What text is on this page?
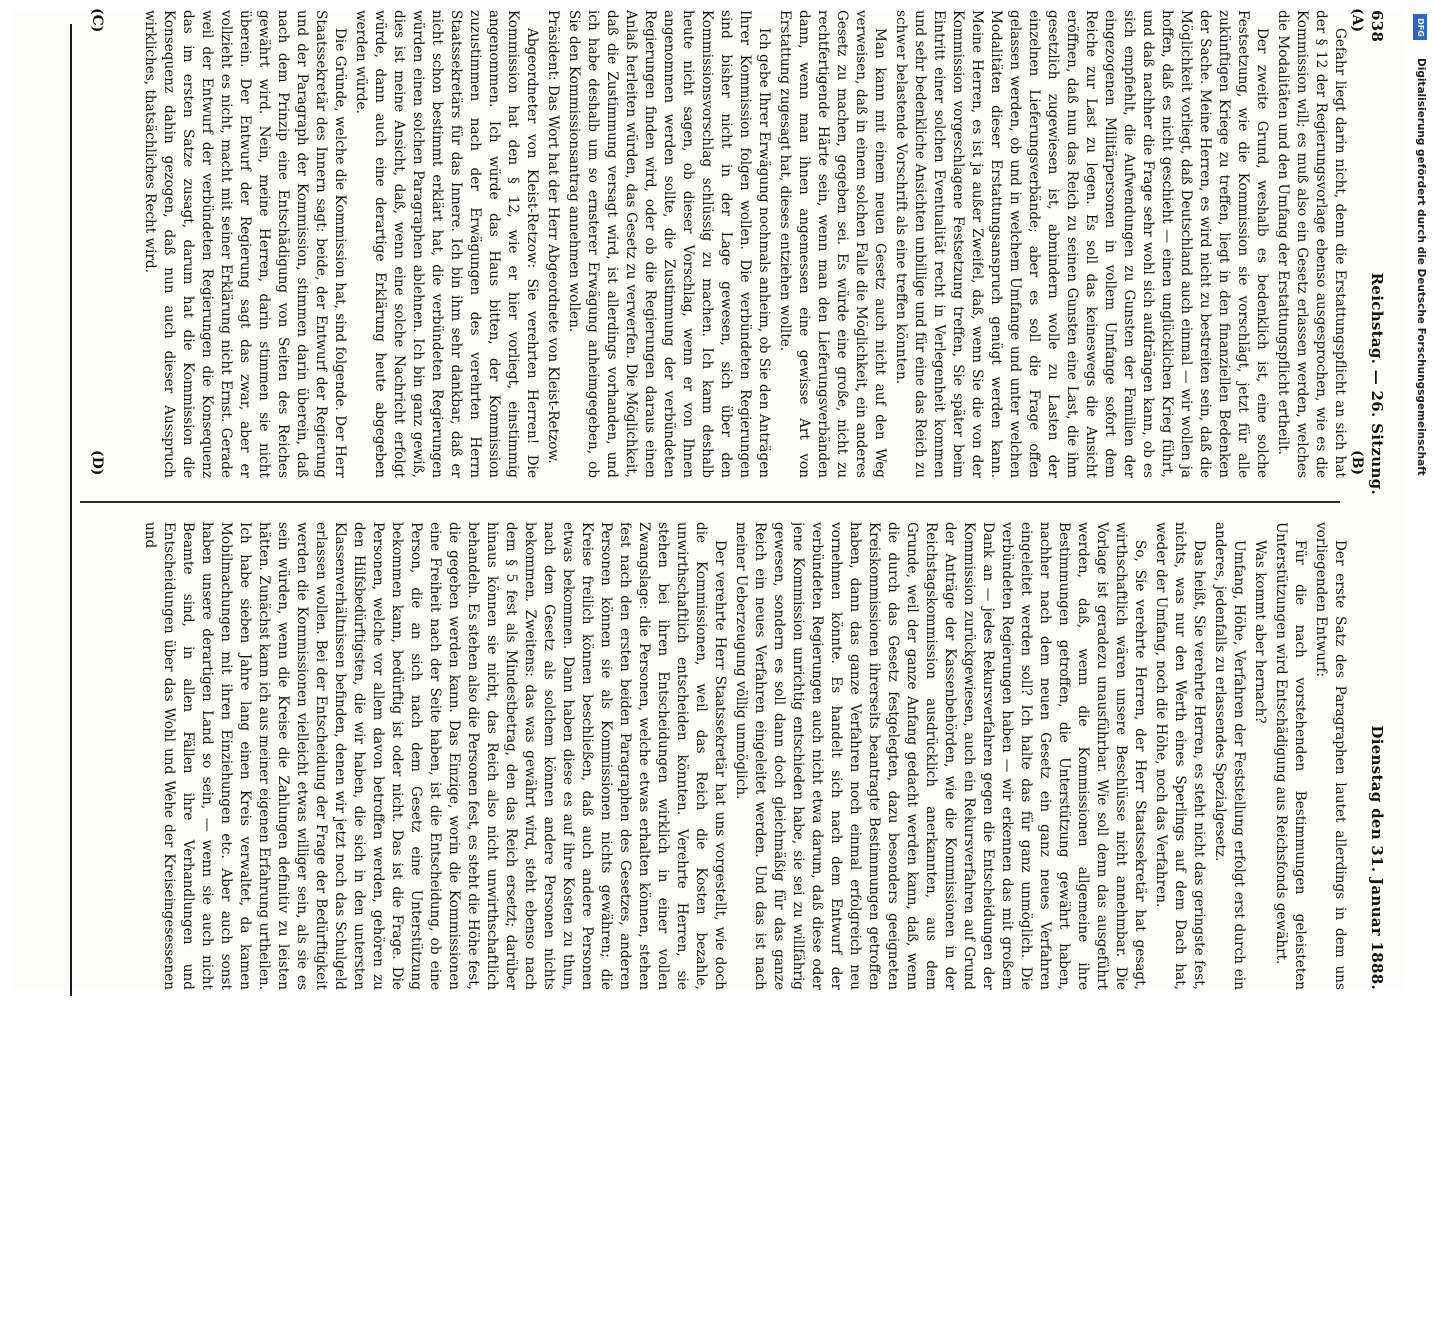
638
Reichstag. — 26. Sitzung.
Dienstag den 31. Januar 1888.

Gefahr liegt darin nicht, denn die Erstattungspflicht an sich hat der § 12 der Regierungsvorlage ebenso ausgesprochen, wie es die Kommission will; es muß also ein Gesetz erlassen werden, welches die Modalitäten und den Umfang der Erstattungspflicht ertheilt.

Der zweite Grund, weshalb es bedenklich ist, eine solche Festsetzung, wie die Kommission sie vorschlägt, jetzt für alle zukünftigen Kriege zu treffen, liegt in den finanziellen Bedenken der Sache. Meine Herren, es wird nicht zu bestreiten sein, daß die Möglichkeit vorliegt, daß Deutschland auch einmal — wir wollen ja hoffen, daß es nicht geschieht — einen unglücklichen Krieg führt, und daß nachher die Frage sehr wohl sich aufdrängen kann, ob es sich empfiehlt, die Aufwendungen zu Gunsten der Familien der eingezogenen Militärpersonen in vollem Umfange sofort dem Reiche zur Last zu legen. Es soll das keineswegs die Ansicht eröffnen, daß nun das Reich zu seinen Gunsten eine Last, die ihm gesetzlich zugewiesen ist, abmindern wolle zu Lasten der einzelnen Lieferungsverbände; aber es soll die Frage offen gelassen werden, ob und in welchem Umfange und unter welchen Modalitäten dieser Erstattungsanspruch genügt werden kann. Meine Herren, es ist ja außer Zweifel, daß, wenn Sie die von der Kommission vorgeschlagene Festsetzung treffen, Sie später beim Eintritt einer solchen Eventualität recht in Verlegenheit kommen und sehr bedenkliche Ansichten unbillige und für eine das Reich zu schwer belastende Vorschrift als eine treffen könnten.

Man kann mit einem neuen Gesetz auch nicht auf den Weg verweisen, daß in einem solchen Falle die Möglichkeit, ein anderes Gesetz zu machen, gegeben sei. Es würde eine große, nicht zu rechtfertigende Härte sein, wenn man den Lieferungsverbänden dann, wenn man ihnen angemessen eine gewisse Art von Erstattung zugesagt hat, dieses entziehen wollte.

Ich gebe Ihrer Erwägung nochmals anheim, ob Sie den Anträgen Ihrer Kommission folgen wollen. Die verbündeten Regierungen sind bisher nicht in der Lage gewesen, sich über den Kommissionsvorschlag schlüssig zu machen. Ich kann deshalb heute nicht sagen, ob dieser Vorschlag, wenn er von Ihnen angenommen werden sollte, die Zustimmung der verbündeten Regierungen finden wird, oder ob die Regierungen daraus einen Anlaß herleiten würden, das Gesetz zu verwerfen. Die Möglichkeit, daß die Zustimmung versagt wird, ist allerdings vorhanden, und ich habe deshalb um so ernsterer Erwägung anheimgegeben, ob Sie den Kommissionsantrag annehmen wollen.

Präsident: Das Wort hat der Herr Abgeordnete von Kleist-Retzow.

Abgeordneter von Kleist-Retzow: Sie verehrten Herren! Die Kommission hat den § 12, wie er hier vorliegt, einstimmig angenommen. Ich würde das Haus bitten, der Kommission zuzustimmen nach der Erwägungen des verehrten Herrn Staatssekretärs für das Innere. Ich bin ihm sehr dankbar, daß er nicht schon bestimmt erklärt hat, die verbündeten Regierungen würden einen solchen Paragraphen ablehnen. Ich bin ganz gewiß, dies ist meine Ansicht, daß, wenn eine solche Nachricht erfolgt würde, dann auch eine derartige Erklärung heute abgegeben werden würde.

Die Gründe, welche die Kommission hat, sind folgende. Der Herr Staatssekretär des Innern sagt: beide, der Entwurf der Regierung und der Paragraph der Kommission, stimmen darin überein, daß nach dem Prinzip eine Entschädigung von Seiten des Reiches gewährt wird. Nein, meine Herren, darin stimmen sie nicht überein. Der Entwurf der Regierung sagt das zwar, aber er vollzieht es nicht, macht mit seiner Erklärung nicht Ernst. Gerade weil der Entwurf der verbündeten Regierungen die Konsequenz das im ersten Satze zusagt, darum hat die Kommission die Konsequenz dahin gezogen, daß nun auch dieser Ausspruch wirkliches, thatsächliches Recht wird.

Der erste Satz des Paragraphen lautet allerdings in dem uns vorliegenden Entwurf:

Für die nach vorstehenden Bestimmungen geleisteten Unterstützungen wird Entschädigung aus Reichsfonds gewährt.

Was kommt aber hernach?

Umfang, Höhe, Verfahren der Feststellung erfolgt erst durch ein anderes, jedenfalls zu erlassendes Spezialgesetz.

Das heißt, Sie verehrte Herren, es steht nicht das geringste fest, nichts, was nur den Werth eines Sperlings auf dem Dach hat, weder der Umfang, noch die Höhe, noch das Verfahren.

So, Sie verehrte Herren, der Herr Staatssekretär hat gesagt, wirthschaftlich wären unsere Beschlüsse nicht annehmbar. Die Vorlage ist geradezu unausführbar. Wie soll denn das ausgeführt werden, daß, wenn die Kommissionen allgemeine ihre Bestimmungen getroffen, die Unterstützung gewährt haben, nachher nach dem neuen Gesetz ein ganz neues Verfahren eingeleitet werden soll? Ich halte das für ganz unmöglich. Die verbündeten Regierungen haben — wir erkennen das mit großem Dank an — jedes Rekursverfahren gegen die Entscheidungen der Kommission zurückgewiesen, auch ein Rekursverfahren auf Grund der Anträge der Kassenbehörden, wie die Kommissionen in der Reichstagskommission ausdrücklich anerkannten, aus dem Grunde, weil der ganze Anfang gedacht werden kann, daß, wenn die durch das Gesetz festgelegten, dazu besonders geeigneten Kreiskommissionen ihrerseits beantragte Bestimmungen getroffen haben, dann das ganze Verfahren noch einmal erfolgreich neu vornehmen könnte. Es handelt sich nach dem Entwurf der verbündeten Regierungen auch nicht etwa darum, daß diese oder jene Kommission unrichtig entschieden habe, sie sei zu willfährig gewesen, sondern es soll dann doch gleichmäßig für das ganze Reich ein neues Verfahren eingeleitet werden. Und das ist nach meiner Ueberzeugung völlig unmöglich.

Der verehrte Herr Staatssekretär hat uns vorgestellt, wie doch die Kommissionen, weil das Reich die Kosten bezahle, unwirthschaftlich entscheiden könnten. Verehrte Herren, sie stehen bei ihren Entscheidungen wirklich in einer vollen Zwangslage: die Personen, welche etwas erhalten können, stehen fest nach den ersten beiden Paragraphen des Gesetzes, anderen Personen können sie als Kommissionen nichts gewähren; die Kreise freilich können beschließen, daß auch andere Personen etwas bekommen. Dann haben diese es auf ihre Kosten zu thun, nach dem Gesetz als solchem können andere Personen nichts bekommen. Zweitens: das was gewährt wird, steht ebenso nach dem § 5 fest als Mindestbetrag, den das Reich ersetzt; darüber hinaus können sie nicht, das Reich also nicht unwirthschaftlich behandeln. Es stehen also die Personen fest, es steht die Höhe fest, die gegeben werden kann. Das Einzige, worin die Kommissionen eine Freiheit nach der Seite haben, ist die Entscheidung, ob eine Person, die an sich nach dem Gesetz eine Unterstützung bekommen kann, bedürftig ist oder nicht. Das ist die Frage. Die Personen, welche vor allem davon betroffen werden, gehören zu den Hilfsbedürftigsten, die wir haben, die sich in den untersten Klassenverhältnissen befinden, denen wir jetzt noch das Schulgeld erlassen wollen. Bei der Entscheidung der Frage der Bedürftigkeit werden die Kommissionen vielleicht etwas williger sein, als sie es sein würden, wenn die Kreise die Zahlungen definitiv zu leisten hätten. Zunächst kann ich aus meiner eigenen Erfahrung urtheilen. Ich habe sieben Jahre lang einen Kreis verwaltet, da kamen Mobilmachungen mit ihren Einziehungen etc. Aber auch sonst haben unsere derartigen Land so sein, — wenn sie auch nicht Beamte sind, in allen Fällen ihre Verhandlungen und Entscheidungen über das Wohl und Wehe der Kreiseingesessenen und

(A)
(B)
(C)
(D)
DFG
Digitalisierung gefördert durch die Deutsche Forschungsgemeinschaft
